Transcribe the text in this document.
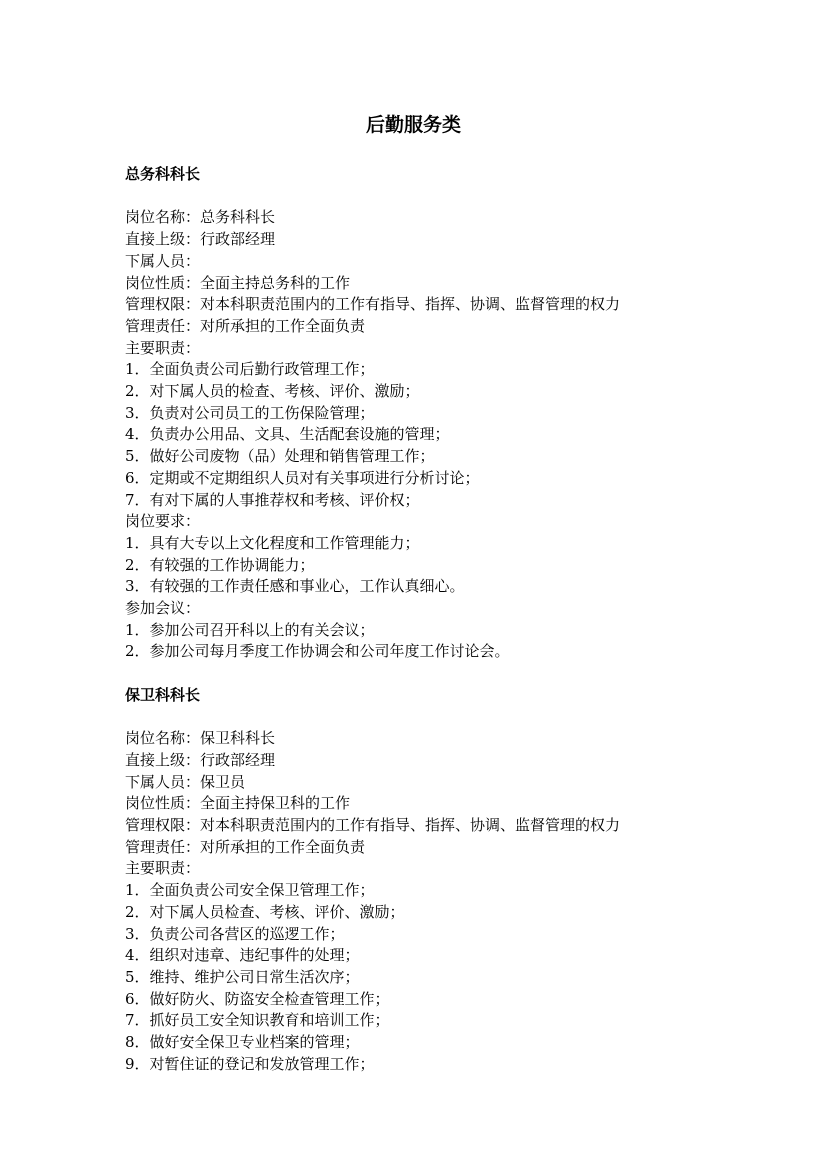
后勤服务类

总务科科长

岗位名称：总务科科长

直接上级：行政部经理

下属人员：

岗位性质：全面主持总务科的工作

管理权限：对本科职责范围内的工作有指导、指挥、协调、监督管理的权力

管理责任：对所承担的工作全面负责

主要职责：

1．全面负责公司后勤行政管理工作；

2．对下属人员的检查、考核、评价、激励；

3．负责对公司员工的工伤保险管理；

4．负责办公用品、文具、生活配套设施的管理；

5．做好公司废物（品）处理和销售管理工作；

6．定期或不定期组织人员对有关事项进行分析讨论；

7．有对下属的人事推荐权和考核、评价权；

岗位要求：

1．具有大专以上文化程度和工作管理能力；

2．有较强的工作协调能力；

3．有较强的工作责任感和事业心，工作认真细心。

参加会议：

1．参加公司召开科以上的有关会议；

2．参加公司每月季度工作协调会和公司年度工作讨论会。

保卫科科长

岗位名称：保卫科科长

直接上级：行政部经理

下属人员：保卫员

岗位性质：全面主持保卫科的工作

管理权限：对本科职责范围内的工作有指导、指挥、协调、监督管理的权力

管理责任：对所承担的工作全面负责

主要职责：

1．全面负责公司安全保卫管理工作；

2．对下属人员检查、考核、评价、激励；

3．负责公司各营区的巡逻工作；

4．组织对违章、违纪事件的处理；

5．维持、维护公司日常生活次序；

6．做好防火、防盗安全检查管理工作；

7．抓好员工安全知识教育和培训工作；

8．做好安全保卫专业档案的管理；

9．对暂住证的登记和发放管理工作；
